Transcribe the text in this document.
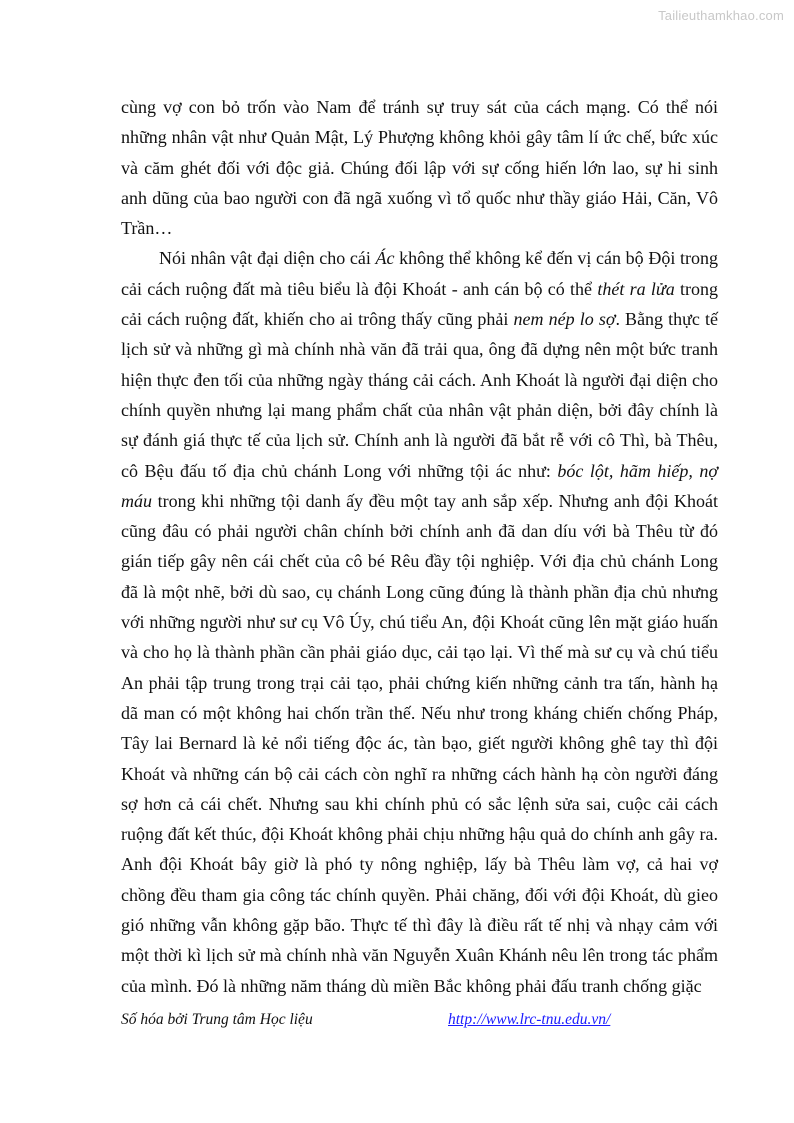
Tailieuthamkhao.com

cùng vợ con bỏ trốn vào Nam để tránh sự truy sát của cách mạng. Có thể nói những nhân vật như Quản Mật, Lý Phượng không khỏi gây tâm lí ức chế, bức xúc và căm ghét đối với độc giả. Chúng đối lập với sự cống hiến lớn lao, sự hi sinh anh dũng của bao người con đã ngã xuống vì tổ quốc như thầy giáo Hải, Căn, Vô Trần…

Nói nhân vật đại diện cho cái Ác không thể không kể đến vị cán bộ Đội trong cải cách ruộng đất mà tiêu biểu là đội Khoát - anh cán bộ có thể thét ra lửa trong cải cách ruộng đất, khiến cho ai trông thấy cũng phải nem nép lo sợ. Bằng thực tế lịch sử và những gì mà chính nhà văn đã trải qua, ông đã dựng nên một bức tranh hiện thực đen tối của những ngày tháng cải cách. Anh Khoát là người đại diện cho chính quyền nhưng lại mang phẩm chất của nhân vật phản diện, bởi đây chính là sự đánh giá thực tế của lịch sử. Chính anh là người đã bắt rễ với cô Thì, bà Thêu, cô Bệu đấu tố địa chủ chánh Long với những tội ác như: bóc lột, hãm hiếp, nợ máu trong khi những tội danh ấy đều một tay anh sắp xếp. Nhưng anh đội Khoát cũng đâu có phải người chân chính bởi chính anh đã dan díu với bà Thêu từ đó gián tiếp gây nên cái chết của cô bé Rêu đầy tội nghiệp. Với địa chủ chánh Long đã là một nhẽ, bởi dù sao, cụ chánh Long cũng đúng là thành phần địa chủ nhưng với những người như sư cụ Vô Úy, chú tiểu An, đội Khoát cũng lên mặt giáo huấn và cho họ là thành phần cần phải giáo dục, cải tạo lại. Vì thế mà sư cụ và chú tiểu An phải tập trung trong trại cải tạo, phải chứng kiến những cảnh tra tấn, hành hạ dã man có một không hai chốn trần thế. Nếu như trong kháng chiến chống Pháp, Tây lai Bernard là kẻ nổi tiếng độc ác, tàn bạo, giết người không ghê tay thì đội Khoát và những cán bộ cải cách còn nghĩ ra những cách hành hạ còn người đáng sợ hơn cả cái chết. Nhưng sau khi chính phủ có sắc lệnh sửa sai, cuộc cải cách ruộng đất kết thúc, đội Khoát không phải chịu những hậu quả do chính anh gây ra. Anh đội Khoát bây giờ là phó ty nông nghiệp, lấy bà Thêu làm vợ, cả hai vợ chồng đều tham gia công tác chính quyền. Phải chăng, đối với đội Khoát, dù gieo gió những vẫn không gặp bão. Thực tế thì đây là điều rất tế nhị và nhạy cảm với một thời kì lịch sử mà chính nhà văn Nguyễn Xuân Khánh nêu lên trong tác phẩm của mình. Đó là những năm tháng dù miền Bắc không phải đấu tranh chống giặc

Số hóa bởi Trung tâm Học liệu	http://www.lrc-tnu.edu.vn/
